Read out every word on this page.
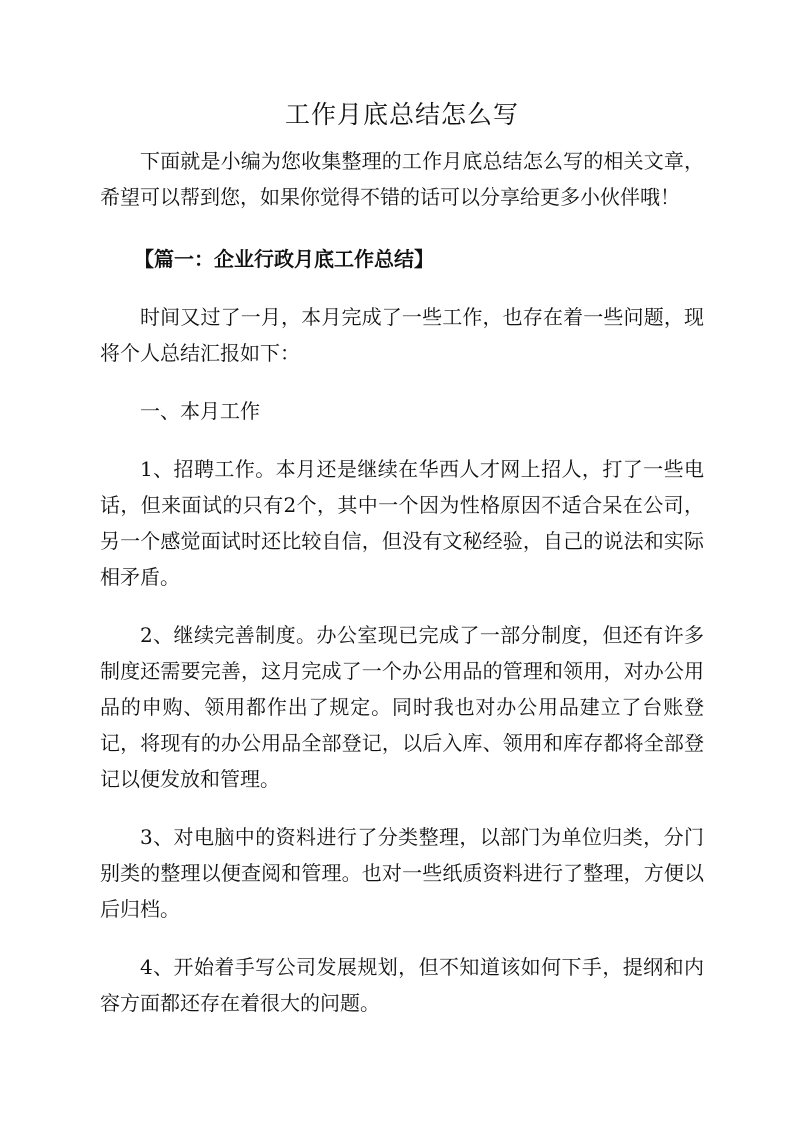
工作月底总结怎么写

下面就是小编为您收集整理的工作月底总结怎么写的相关文章，希望可以帮到您，如果你觉得不错的话可以分享给更多小伙伴哦！

【篇一：企业行政月底工作总结】

时间又过了一月，本月完成了一些工作，也存在着一些问题，现将个人总结汇报如下：

一、本月工作

1、招聘工作。本月还是继续在华西人才网上招人，打了一些电话，但来面试的只有2个，其中一个因为性格原因不适合呆在公司，另一个感觉面试时还比较自信，但没有文秘经验，自己的说法和实际相矛盾。

2、继续完善制度。办公室现已完成了一部分制度，但还有许多制度还需要完善，这月完成了一个办公用品的管理和领用，对办公用品的申购、领用都作出了规定。同时我也对办公用品建立了台账登记，将现有的办公用品全部登记，以后入库、领用和库存都将全部登记以便发放和管理。

3、对电脑中的资料进行了分类整理，以部门为单位归类，分门别类的整理以便查阅和管理。也对一些纸质资料进行了整理，方便以后归档。

4、开始着手写公司发展规划，但不知道该如何下手，提纲和内容方面都还存在着很大的问题。
